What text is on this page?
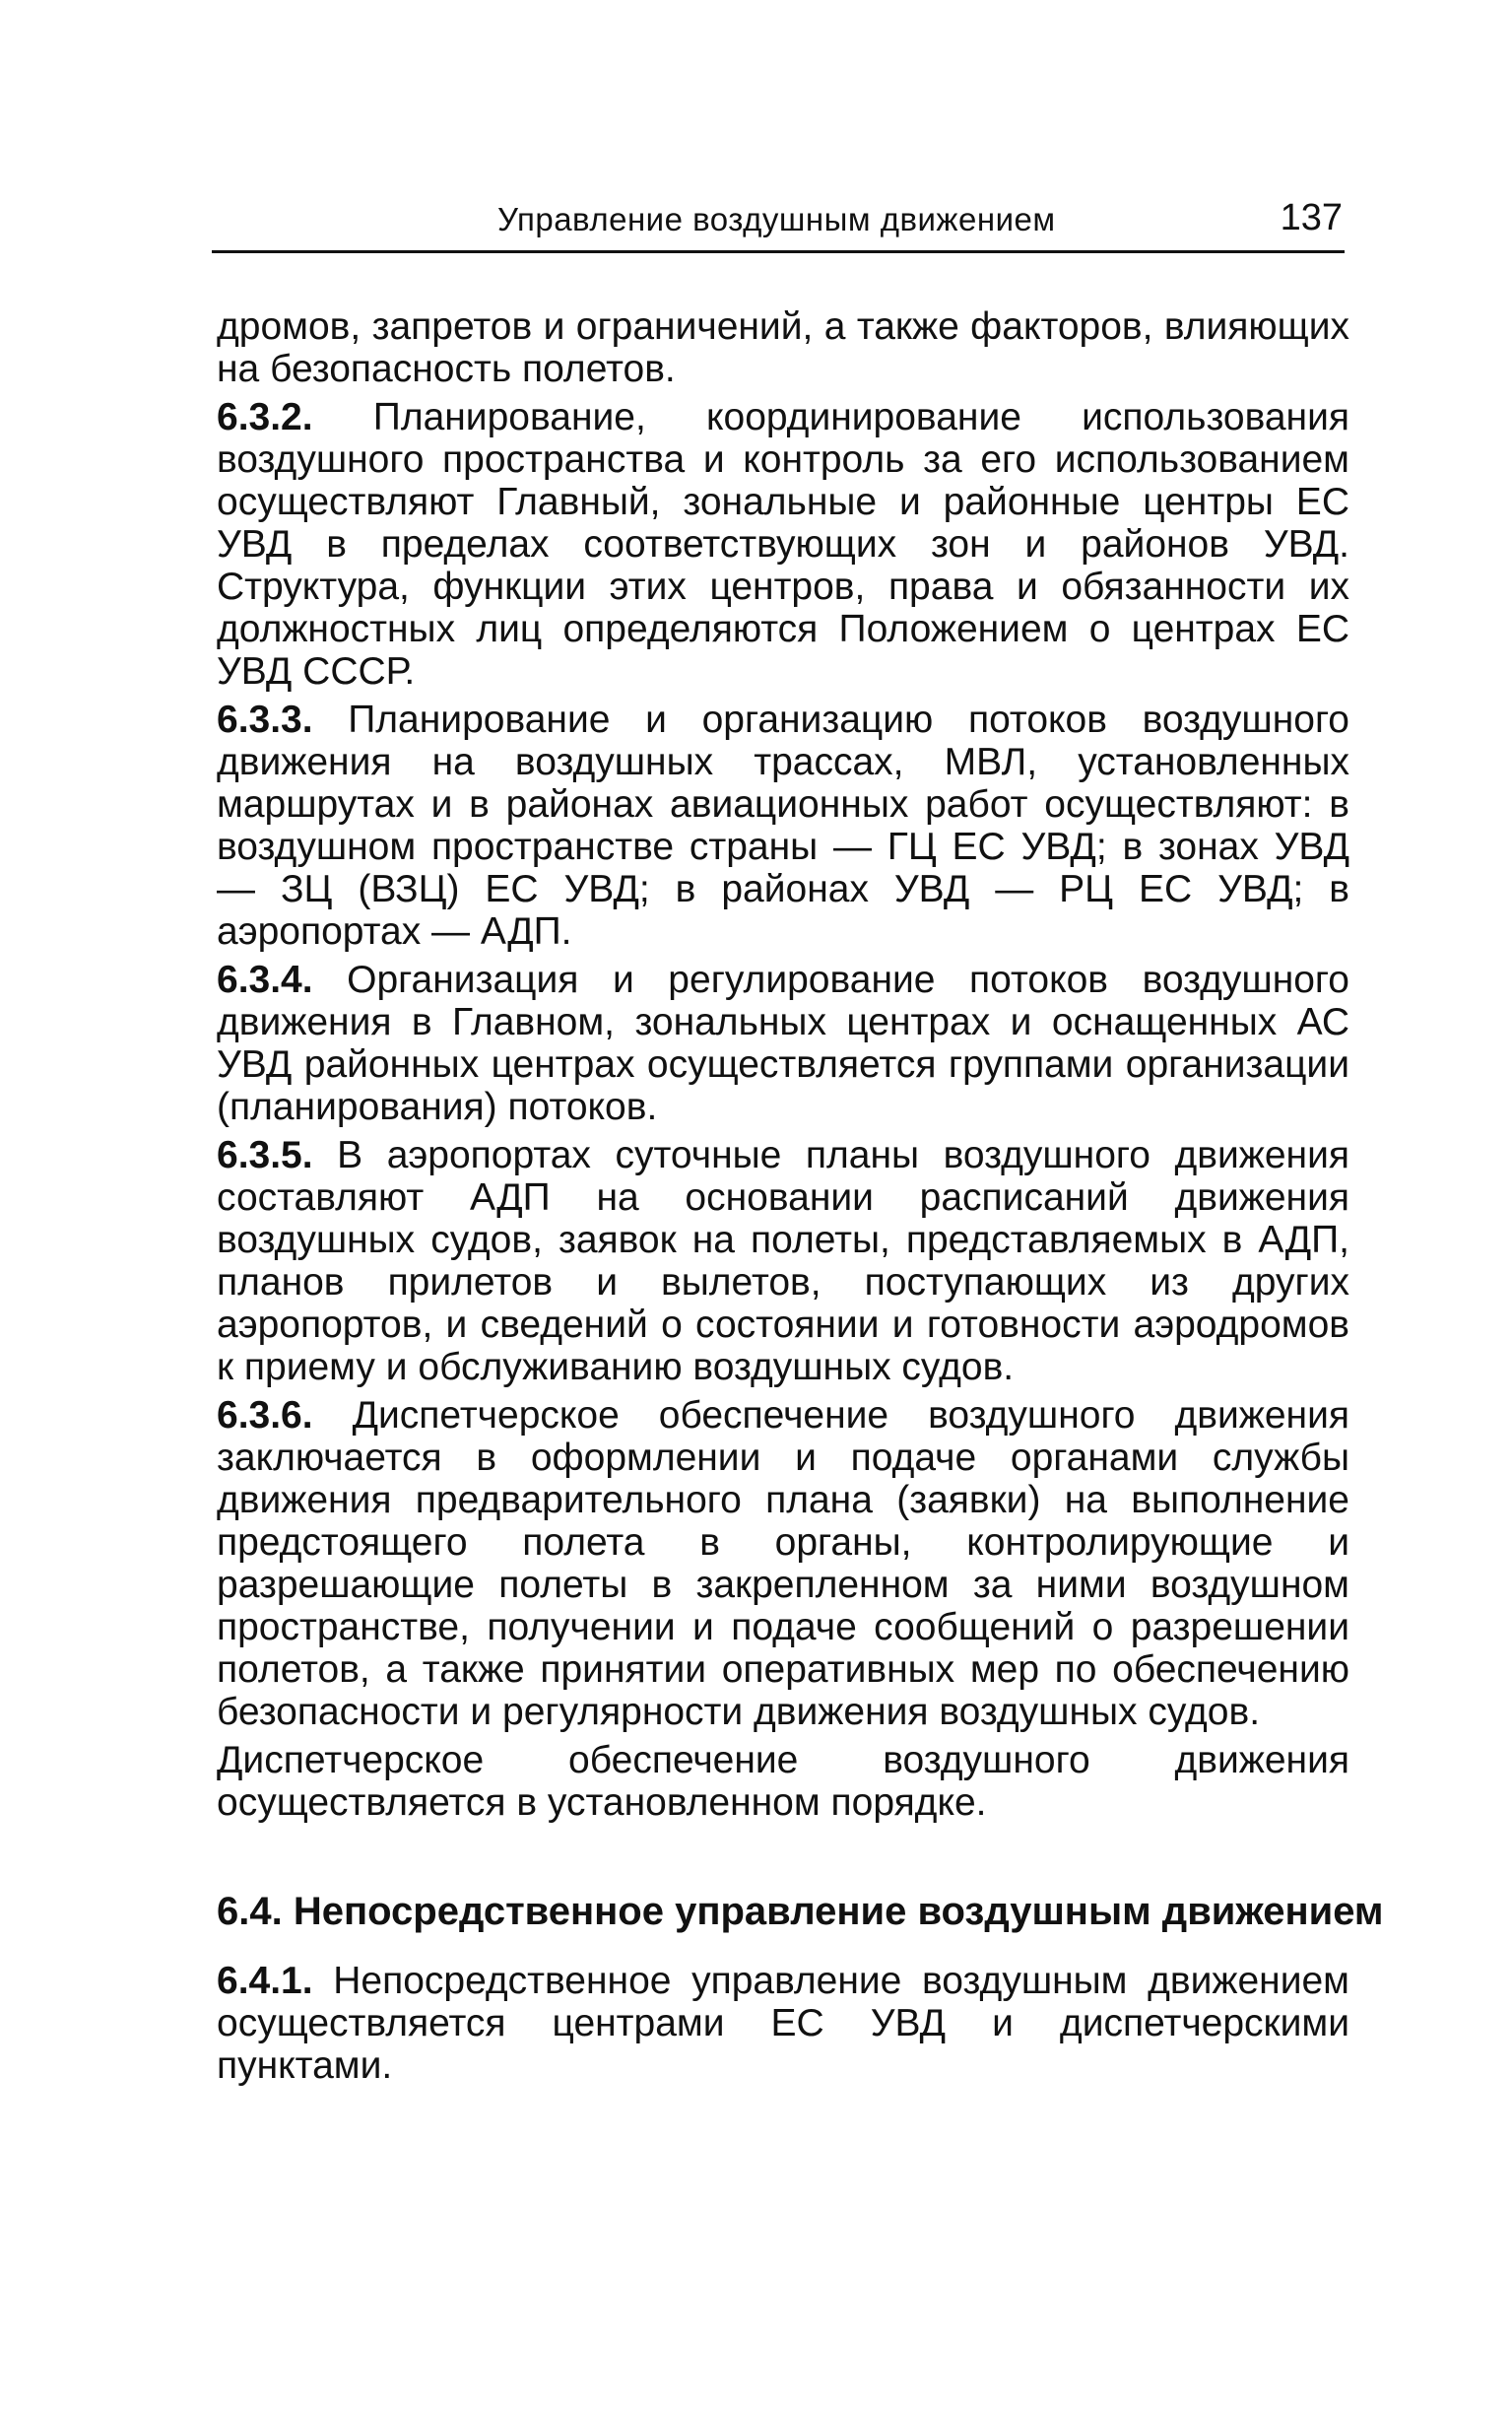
Управление воздушным движением	137

дромов, запретов и ограничений, а также факторов, влияющих на безопасность полетов.

6.3.2. Планирование, координирование использования воздушного пространства и контроль за его использованием осуществляют Главный, зональные и районные центры ЕС УВД в пределах соответствующих зон и районов УВД. Структура, функции этих центров, права и обязанности их должностных лиц определяются Положением о центрах ЕС УВД СССР.

6.3.3. Планирование и организацию потоков воздушного движения на воздушных трассах, МВЛ, установленных маршрутах и в районах авиационных работ осуществляют: в воздушном пространстве страны — ГЦ ЕС УВД; в зонах УВД — ЗЦ (ВЗЦ) ЕС УВД; в районах УВД — РЦ ЕС УВД; в аэропортах — АДП.

6.3.4. Организация и регулирование потоков воздушного движения в Главном, зональных центрах и оснащенных АС УВД районных центрах осуществляется группами организации (планирования) потоков.

6.3.5. В аэропортах суточные планы воздушного движения составляют АДП на основании расписаний движения воздушных судов, заявок на полеты, представляемых в АДП, планов прилетов и вылетов, поступающих из других аэропортов, и сведений о состоянии и готовности аэродромов к приему и обслуживанию воздушных судов.

6.3.6. Диспетчерское обеспечение воздушного движения заключается в оформлении и подаче органами службы движения предварительного плана (заявки) на выполнение предстоящего полета в органы, контролирующие и разрешающие полеты в закрепленном за ними воздушном пространстве, получении и подаче сообщений о разрешении полетов, а также принятии оперативных мер по обеспечению безопасности и регулярности движения воздушных судов.

Диспетчерское обеспечение воздушного движения осуществляется в установленном порядке.

6.4. Непосредственное управление воздушным движением

6.4.1. Непосредственное управление воздушным движением осуществляется центрами ЕС УВД и диспетчерскими пунктами.
